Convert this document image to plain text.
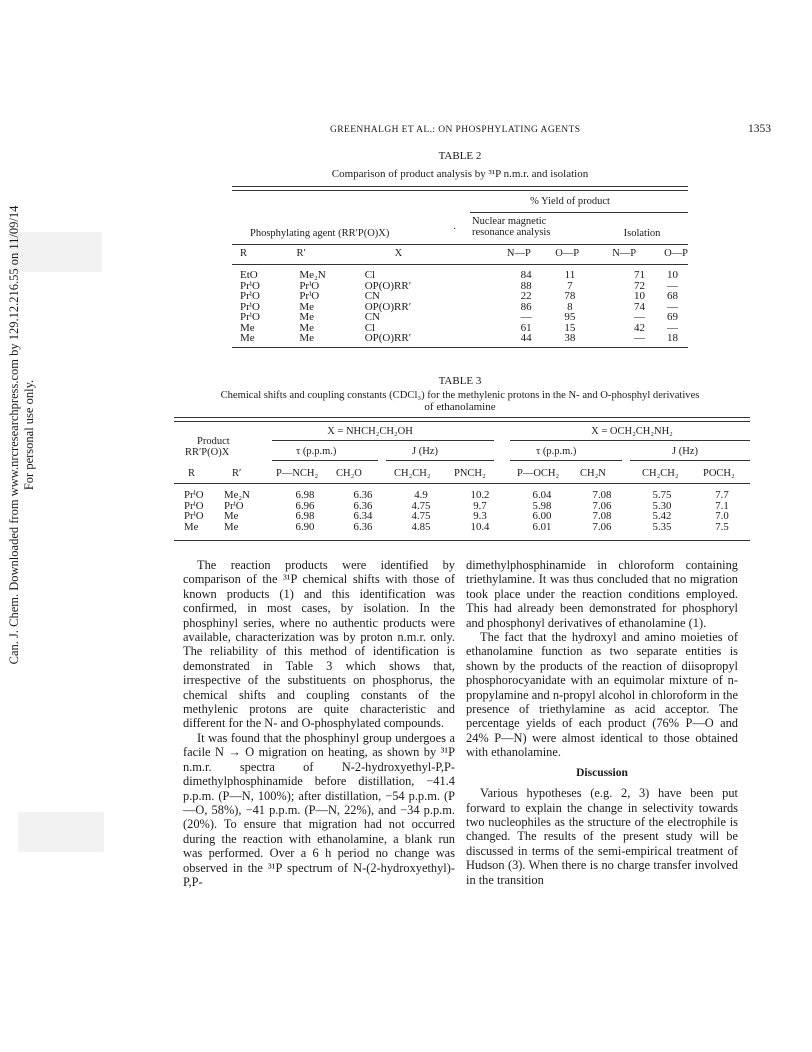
Can. J. Chem. Downloaded from www.nrcresearchpress.com by 129.12.216.55 on 11/09/14 For personal use only.
GREENHALGH ET AL.: ON PHOSPHYLATING AGENTS	1353
TABLE 2
Comparison of product analysis by ³¹P n.m.r. and isolation
% Yield of product
Nuclear magnetic resonance analysis	Isolation
Phosphylating agent (RR′P(O)X)	·
R	R′	X	N—P	O—P	N—P	O—P
EtO	Me₂N	Cl	84	11	71	10
PrⁱO	PrⁱO	OP(O)RR′	88	7	72	—
PrⁱO	PrⁱO	CN	22	78	10	68
PrⁱO	Me	OP(O)RR′	86	8	74	—
PrⁱO	Me	CN	—	95	—	69
Me	Me	Cl	61	15	42	—
Me	Me	OP(O)RR′	44	38	—	18
TABLE 3
Chemical shifts and coupling constants (CDCl₃) for the methylenic protons in the N- and O-phosphyl derivatives
of ethanolamine
X = NHCH₂CH₂OH	X = OCH₂CH₂NH₂
Product
RR′P(O)X	τ (p.p.m.)	J (Hz)	τ (p.p.m.)	J (Hz)
R	R′	P—NCH₂ CH₂O	CH₂CH₂ PNCH₂	P—OCH₂ CH₂N	CH₂CH₂ POCH₂
PrⁱO	Me₂N	6.98	6.36	4.9	10.2	6.04	7.08	5.75	7.7
PrⁱO	PrⁱO	6.96	6.36	4.75	9.7	5.98	7.06	5.30	7.1
PrⁱO	Me	6.98	6.34	4.75	9.3	6.00	7.08	5.42	7.0
Me	Me	6.90	6.36	4.85	10.4	6.01	7.06	5.35	7.5

The reaction products were identified by comparison of the ³¹P chemical shifts with those of known products (1) and this identification was confirmed, in most cases, by isolation. In the phosphinyl series, where no authentic products were available, characterization was by proton n.m.r. only. The reliability of this method of identification is demonstrated in Table 3 which shows that, irrespective of the substituents on phosphorus, the chemical shifts and coupling constants of the methylenic protons are quite characteristic and different for the N- and O-phosphylated compounds.

It was found that the phosphinyl group undergoes a facile N → O migration on heating, as shown by ³¹P n.m.r. spectra of N-2-hydroxyethyl-P,P-dimethylphosphinamide before distillation, −41.4 p.p.m. (P—N, 100%); after distillation, −54 p.p.m. (P—O, 58%), −41 p.p.m. (P—N, 22%), and −34 p.p.m. (20%). To ensure that migration had not occurred during the reaction with ethanolamine, a blank run was performed. Over a 6 h period no change was observed in the ³¹P spectrum of N-(2-hydroxyethyl)-P,P-

dimethylphosphinamide in chloroform containing triethylamine. It was thus concluded that no migration took place under the reaction conditions employed. This had already been demonstrated for phosphoryl and phosphonyl derivatives of ethanolamine (1).

The fact that the hydroxyl and amino moieties of ethanolamine function as two separate entities is shown by the products of the reaction of diisopropyl phosphorocyanidate with an equimolar mixture of n-propylamine and n-propyl alcohol in chloroform in the presence of triethylamine as acid acceptor. The percentage yields of each product (76% P—O and 24% P—N) were almost identical to those obtained with ethanolamine.

Discussion

Various hypotheses (e.g. 2, 3) have been put forward to explain the change in selectivity towards two nucleophiles as the structure of the electrophile is changed. The results of the present study will be discussed in terms of the semi-empirical treatment of Hudson (3). When there is no charge transfer involved in the transition
